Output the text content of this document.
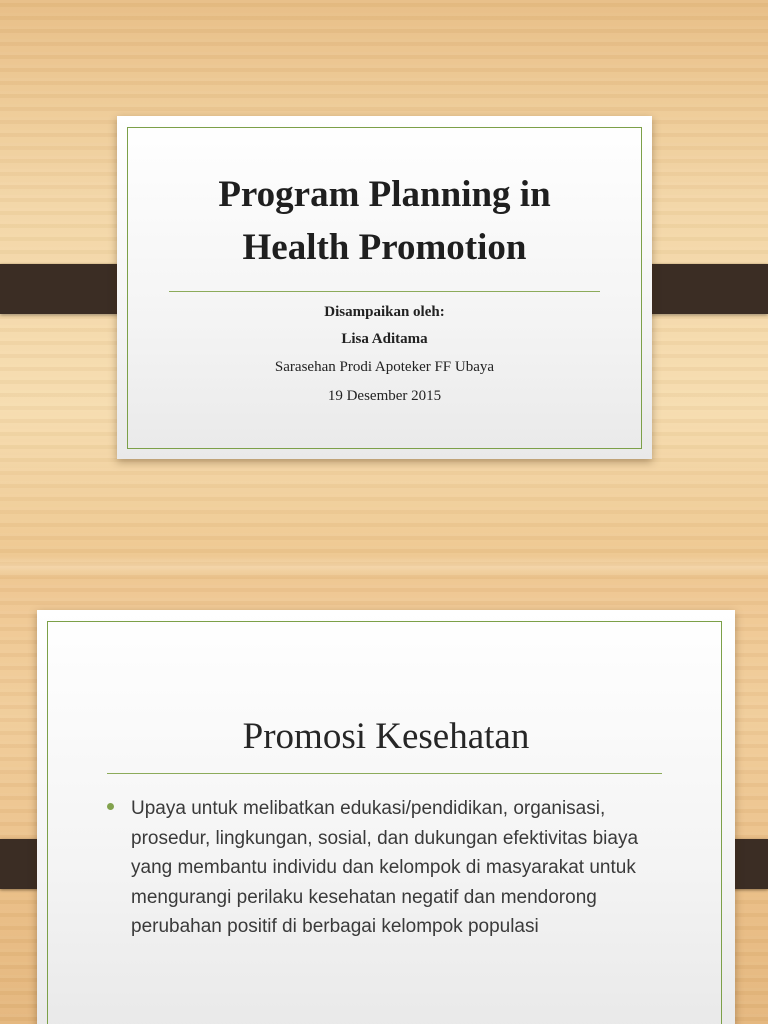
Program Planning in
Health Promotion
Disampaikan oleh:
Lisa Aditama
Sarasehan Prodi Apoteker FF Ubaya
19 Desember 2015
Promosi Kesehatan
Upaya untuk melibatkan edukasi/pendidikan, organisasi, prosedur, lingkungan, sosial, dan dukungan efektivitas biaya yang membantu individu dan kelompok di masyarakat untuk mengurangi perilaku kesehatan negatif dan mendorong perubahan positif di berbagai kelompok populasi
